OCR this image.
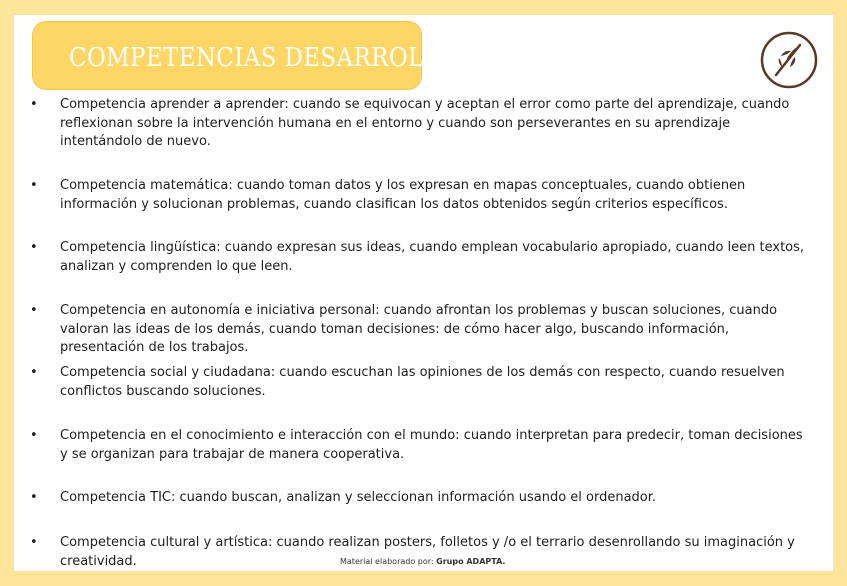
COMPETENCIAS DESARROLLADAS
• Competencia aprender a aprender: cuando se equivocan y aceptan el error como parte del aprendizaje, cuando reflexionan sobre la intervención humana en el entorno y cuando son perseverantes en su aprendizaje intentándolo de nuevo.
• Competencia matemática: cuando toman datos y los expresan en mapas conceptuales, cuando obtienen información y solucionan problemas, cuando clasifican los datos obtenidos según criterios específicos.
• Competencia lingüística: cuando expresan sus ideas, cuando emplean vocabulario apropiado, cuando leen textos, analizan y comprenden lo que leen.
• Competencia en autonomía e iniciativa personal: cuando afrontan los problemas y buscan soluciones, cuando valoran las ideas de los demás, cuando toman decisiones: de cómo hacer algo, buscando información, presentación de los trabajos.
• Competencia social y ciudadana: cuando escuchan las opiniones de los demás con respecto, cuando resuelven conflictos buscando soluciones.
• Competencia en el conocimiento e interacción con el mundo: cuando interpretan para predecir, toman decisiones y se organizan para trabajar de manera cooperativa.
• Competencia TIC: cuando buscan, analizan y seleccionan información usando el ordenador.
• Competencia cultural y artística: cuando realizan posters, folletos y /o el terrario desenrollando su imaginación y creatividad.	Material elaborado por: Grupo ADAPTA.
